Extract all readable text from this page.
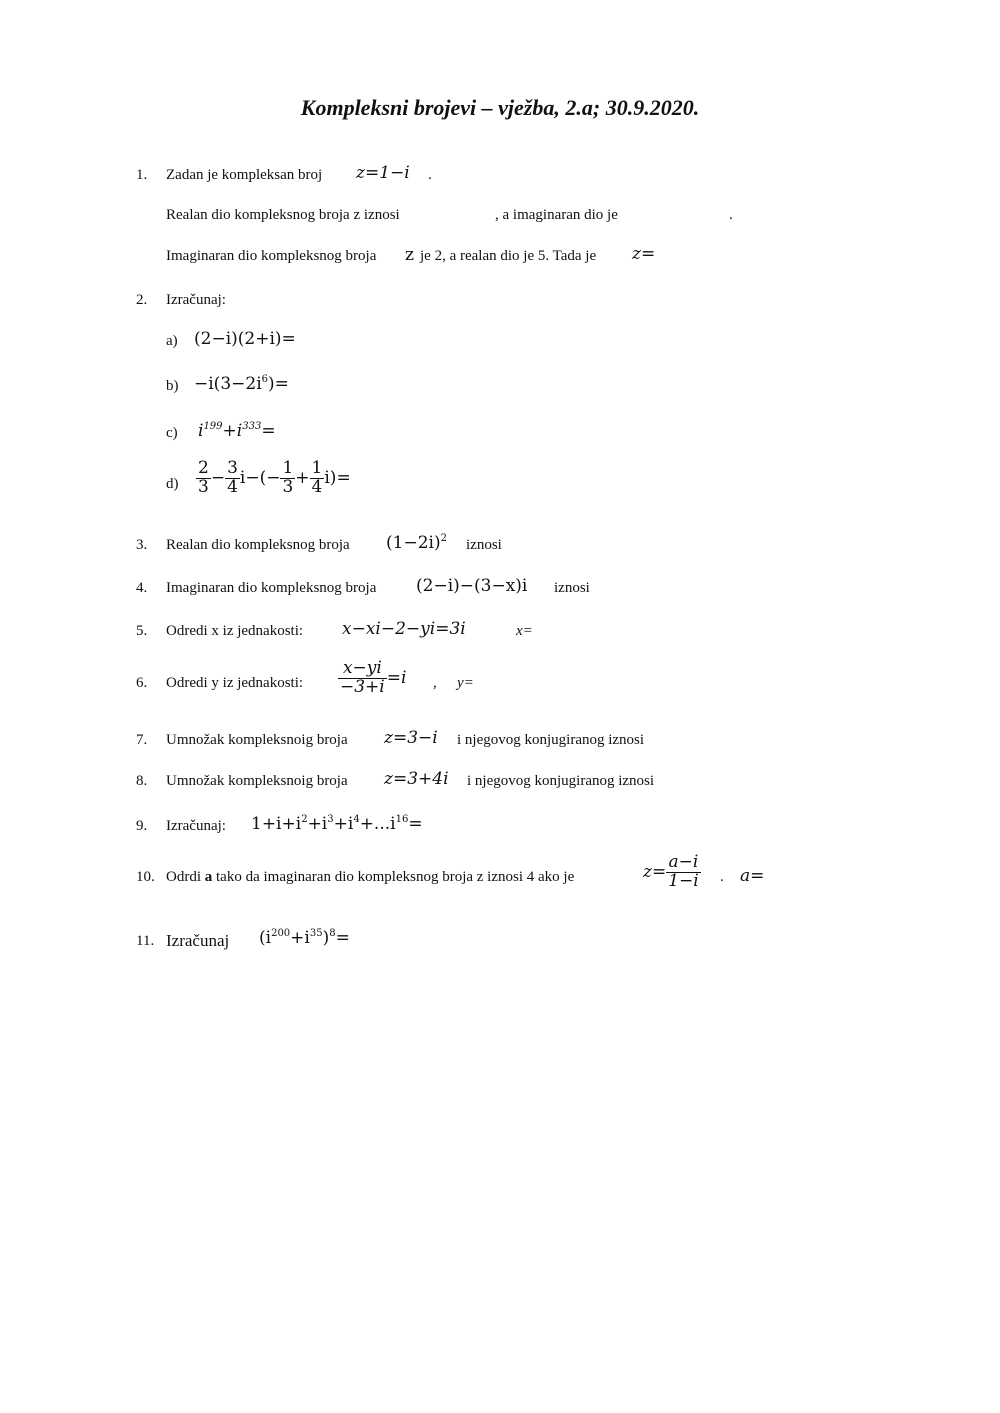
Kompleksni brojevi – vježba, 2.a; 30.9.2020.
1. Zadan je kompleksan broj z=1−i .
Realan dio kompleksnog broja z iznosi	, a imaginaran dio je	.
Imaginaran dio kompleksnog broja z je 2, a realan dio je 5. Tada je z=
2. Izračunaj:
a) (2−i)(2+i)=
$b) -i(3-2i^6)=$
c) $i^{199}+i^{333}=$
$d) \frac{2}{3} - \frac{3}{4} i-(- \frac{1}{3} + \frac{1}{4} i)=$
3. Realan dio kompleksnog broja $(1-2i)^2$ iznosi
4. Imaginaran dio kompleksnog broja (2−i)−(3−x)i iznosi
5. Odredi x iz jednakosti: x−xi−2−yi=3i	x=
6. Odredi y iz jednakosti: $\frac{x-yi}{-3+i} =i$ , y=
7. Umnožak kompleksnoig broja z=3−i i njegovog konjugiranog iznosi
8. Umnožak kompleksnoig broja z=3+4i i njegovog konjugiranog iznosi
9. Izračunaj: $1+i+i^2+i^3+i^4+...i^{16}=$
10. Odrdi a tako da imaginaran dio kompleksnog broja z iznosi 4 ako je	$z= \frac{a-i}{1-i}$ . a=
11. Izračunaj $(i^{200}+i^{35})^8=$
